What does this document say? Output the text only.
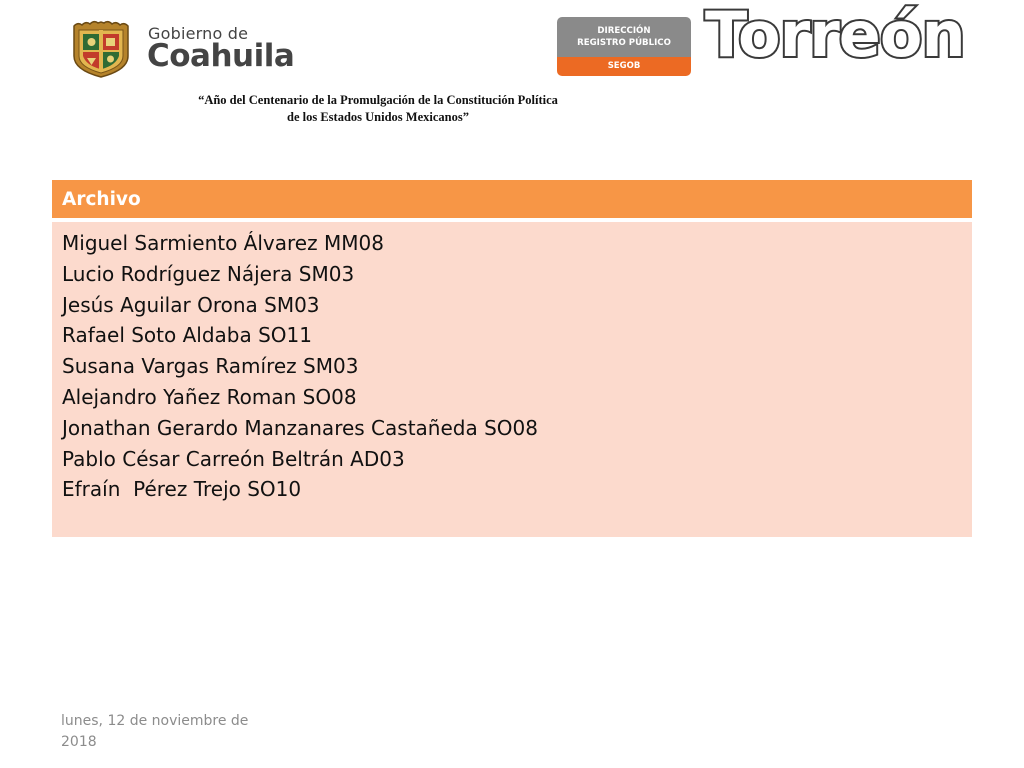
Gobierno de
Coahuila
DIRECCIÓN
REGISTRO PÚBLICO
SEGOB	Torreón
“Año del Centenario de la Promulgación de la Constitución Política
de los Estados Unidos Mexicanos”
Archivo
Miguel Sarmiento Álvarez MM08
Lucio Rodríguez Nájera SM03
Jesús Aguilar Orona SM03
Rafael Soto Aldaba SO11
Susana Vargas Ramírez SM03
Alejandro Yañez Roman SO08
Jonathan Gerardo Manzanares Castañeda SO08
Pablo César Carreón Beltrán AD03
Efraín  Pérez Trejo SO10
lunes, 12 de noviembre de 2018
